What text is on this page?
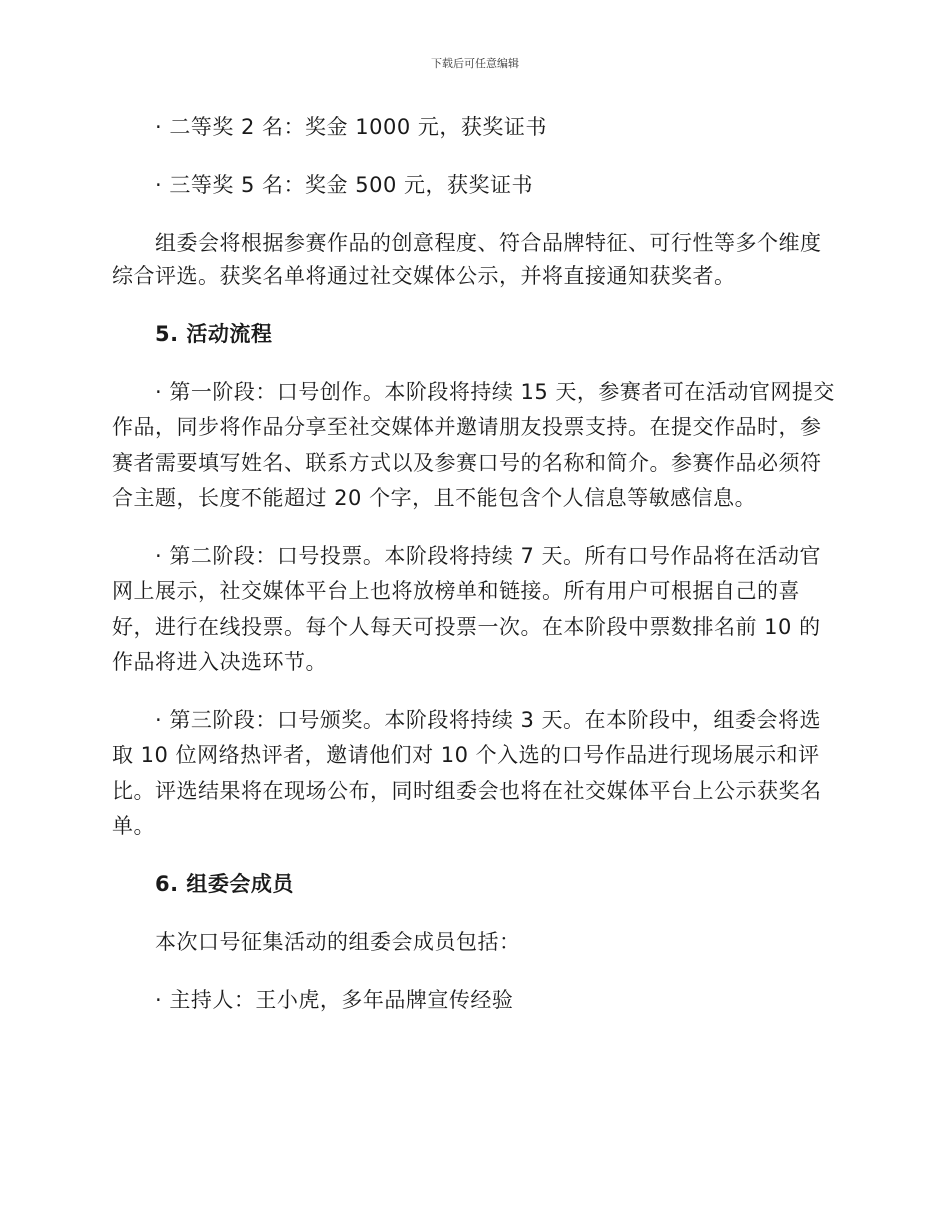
下载后可任意编辑
· 二等奖 2 名：奖金 1000 元，获奖证书
· 三等奖 5 名：奖金 500 元，获奖证书
组委会将根据参赛作品的创意程度、符合品牌特征、可行性等多个维度
综合评选。获奖名单将通过社交媒体公示，并将直接通知获奖者。
5. 活动流程
· 第一阶段：口号创作。本阶段将持续 15 天，参赛者可在活动官网提交
作品，同步将作品分享至社交媒体并邀请朋友投票支持。在提交作品时，参
赛者需要填写姓名、联系方式以及参赛口号的名称和简介。参赛作品必须符
合主题，长度不能超过 20 个字，且不能包含个人信息等敏感信息。
· 第二阶段：口号投票。本阶段将持续 7 天。所有口号作品将在活动官
网上展示，社交媒体平台上也将放榜单和链接。所有用户可根据自己的喜
好，进行在线投票。每个人每天可投票一次。在本阶段中票数排名前 10 的
作品将进入决选环节。
· 第三阶段：口号颁奖。本阶段将持续 3 天。在本阶段中，组委会将选
取 10 位网络热评者，邀请他们对 10 个入选的口号作品进行现场展示和评
比。评选结果将在现场公布，同时组委会也将在社交媒体平台上公示获奖名
单。
6. 组委会成员
本次口号征集活动的组委会成员包括：
· 主持人：王小虎，多年品牌宣传经验
